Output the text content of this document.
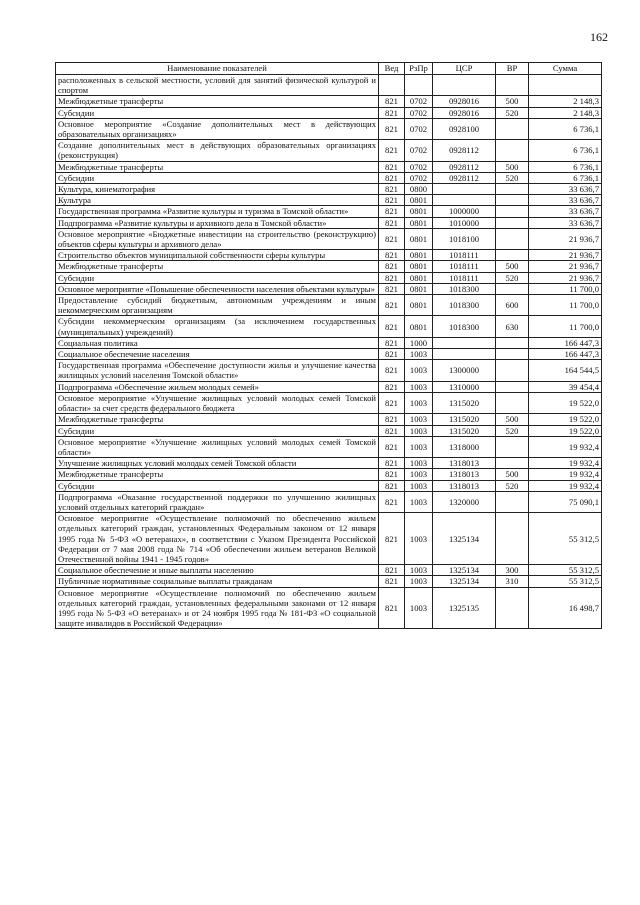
162
Наименование показателей	Вед	РзПр	ЦСР	ВР	Сумма
расположенных в сельской местности, условий для занятий физической культурой и спортом					
Межбюджетные трансферты	821	0702	0928016	500	2 148,3
Субсидии	821	0702	0928016	520	2 148,3
Основное мероприятие «Создание дополнительных мест в действующих образовательных организациях»	821	0702	0928100		6 736,1
Создание дополнительных мест в действующих образовательных организациях (реконструкция)	821	0702	0928112		6 736,1
Межбюджетные трансферты	821	0702	0928112	500	6 736,1
Субсидии	821	0702	0928112	520	6 736,1
Культура, кинематография	821	0800			33 636,7
Культура	821	0801			33 636,7
Государственная программа «Развитие культуры и туризма в Томской области»	821	0801	1000000		33 636,7
Подпрограмма «Развитие культуры и архивного дела в Томской области»	821	0801	1010000		33 636,7
Основное мероприятие «Бюджетные инвестиции на строительство (реконструкцию) объектов сферы культуры и архивного дела»	821	0801	1018100		21 936,7
Строительство объектов муниципальной собственности сферы культуры	821	0801	1018111		21 936,7
Межбюджетные трансферты	821	0801	1018111	500	21 936,7
Субсидии	821	0801	1018111	520	21 936,7
Основное мероприятие «Повышение обеспеченности населения объектами культуры»	821	0801	1018300		11 700,0
Предоставление субсидий бюджетным, автономным учреждениям и иным некоммерческим организациям	821	0801	1018300	600	11 700,0
Субсидии некоммерческим организациям (за исключением государственных (муниципальных) учреждений)	821	0801	1018300	630	11 700,0
Социальная политика	821	1000			166 447,3
Социальное обеспечение населения	821	1003			166 447,3
Государственная программа «Обеспечение доступности жилья и улучшение качества жилищных условий населения Томской области»	821	1003	1300000		164 544,5
Подпрограмма «Обеспечение жильем молодых семей»	821	1003	1310000		39 454,4
Основное мероприятие «Улучшение жилищных условий молодых семей Томской области» за счет средств федерального бюджета	821	1003	1315020		19 522,0
Межбюджетные трансферты	821	1003	1315020	500	19 522,0
Субсидии	821	1003	1315020	520	19 522,0
Основное мероприятие «Улучшение жилищных условий молодых семей Томской области»	821	1003	1318000		19 932,4
Улучшение жилищных условий молодых семей Томской области	821	1003	1318013		19 932,4
Межбюджетные трансферты	821	1003	1318013	500	19 932,4
Субсидии	821	1003	1318013	520	19 932,4
Подпрограмма «Оказание государственной поддержки по улучшению жилищных условий отдельных категорий граждан»	821	1003	1320000		75 090,1
Основное мероприятие «Осуществление полномочий по обеспечению жильем отдельных категорий граждан, установленных Федеральным законом от 12 января 1995 года № 5-ФЗ «О ветеранах», в соответствии с Указом Президента Российской Федерации от 7 мая 2008 года № 714 «Об обеспечении жильем ветеранов Великой Отечественной войны 1941 - 1945 годов»	821	1003	1325134		55 312,5
Социальное обеспечение и иные выплаты населению	821	1003	1325134	300	55 312,5
Публичные нормативные социальные выплаты гражданам	821	1003	1325134	310	55 312,5
Основное мероприятие «Осуществление полномочий по обеспечению жильем отдельных категорий граждан, установленных федеральными законами от 12 января 1995 года № 5-ФЗ «О ветеранах» и от 24 ноября 1995 года № 181-ФЗ «О социальной защите инвалидов в Российской Федерации»	821	1003	1325135		16 498,7
